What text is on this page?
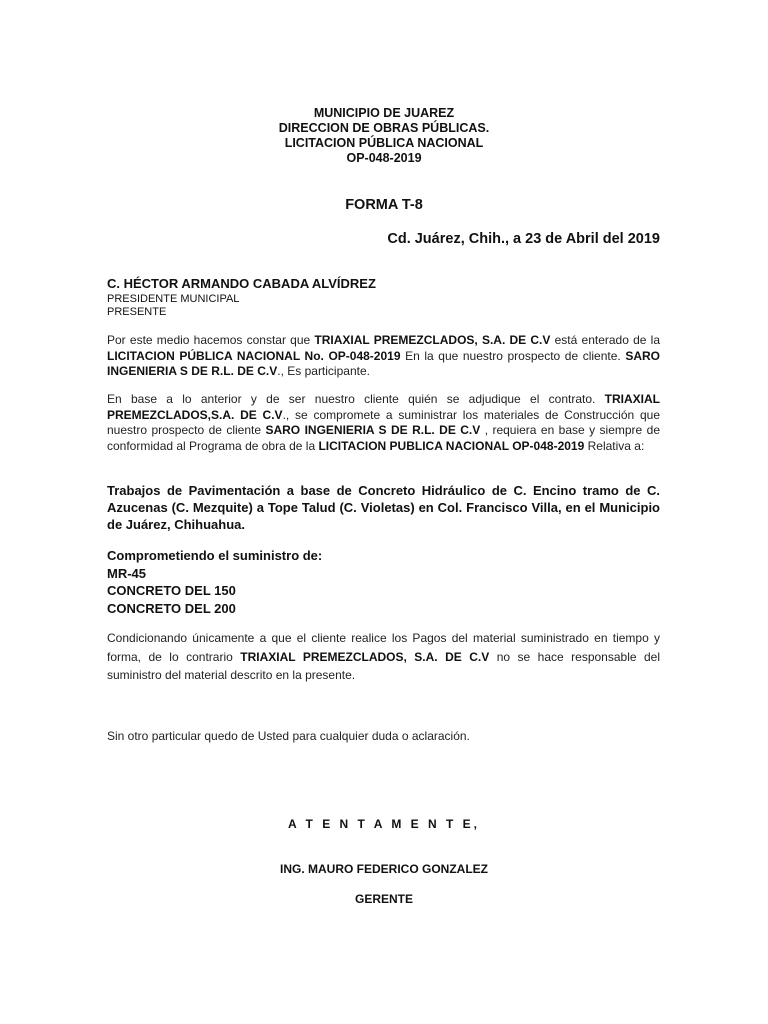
MUNICIPIO DE JUAREZ
DIRECCION DE OBRAS PÚBLICAS.
LICITACION PÚBLICA NACIONAL
OP-048-2019
FORMA T-8
Cd. Juárez, Chih., a 23 de Abril del 2019
C. HÉCTOR ARMANDO CABADA ALVÍDREZ
PRESIDENTE MUNICIPAL
PRESENTE
Por este medio hacemos constar que TRIAXIAL PREMEZCLADOS, S.A. DE C.V está enterado de la LICITACION PÚBLICA NACIONAL No. OP-048-2019 En la que nuestro prospecto de cliente. SARO INGENIERIA S DE R.L. DE C.V., Es participante.
En base a lo anterior y de ser nuestro cliente quién se adjudique el contrato. TRIAXIAL PREMEZCLADOS,S.A. DE C.V., se compromete a suministrar los materiales de Construcción que nuestro prospecto de cliente SARO INGENIERIA S DE R.L. DE C.V , requiera en base y siempre de conformidad al Programa de obra de la LICITACION PUBLICA NACIONAL OP-048-2019 Relativa a:
Trabajos de Pavimentación a base de Concreto Hidráulico de C. Encino tramo de C. Azucenas (C. Mezquite) a Tope Talud (C. Violetas) en Col. Francisco Villa, en el Municipio de Juárez, Chihuahua.
Comprometiendo el suministro de:
MR-45
CONCRETO DEL 150
CONCRETO DEL 200
Condicionando únicamente a que el cliente realice los Pagos del material suministrado en tiempo y forma, de lo contrario TRIAXIAL PREMEZCLADOS, S.A. DE C.V no se hace responsable del suministro del material descrito en la presente.
Sin otro particular quedo de Usted para cualquier duda o aclaración.
A T E N T A M E N T E,
ING. MAURO FEDERICO GONZALEZ
GERENTE
